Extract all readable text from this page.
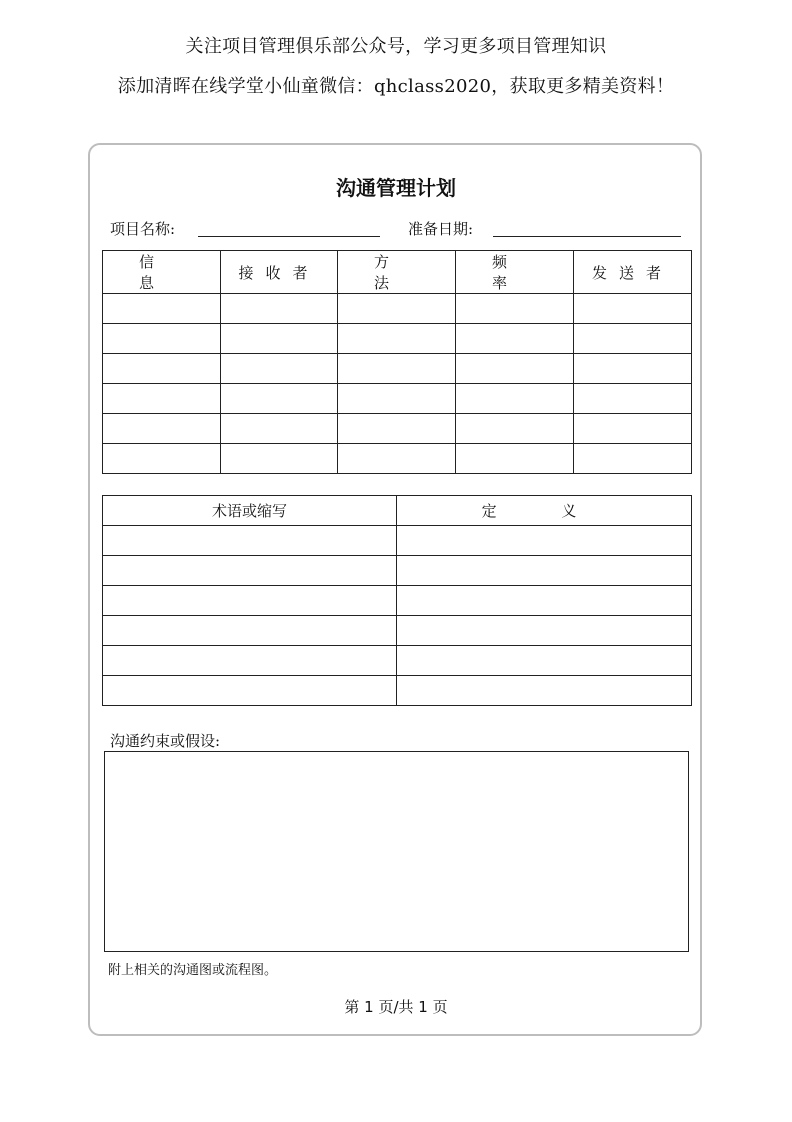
关注项目管理俱乐部公众号，学习更多项目管理知识
添加清晖在线学堂小仙童微信：qhclass2020，获取更多精美资料！
沟通管理计划
项目名称:	准备日期:
信 息	接收者	方 法	频 率	发送者

术语或缩写	定 义

沟通约束或假设:
附上相关的沟通图或流程图。
第 1 页/共 1 页
